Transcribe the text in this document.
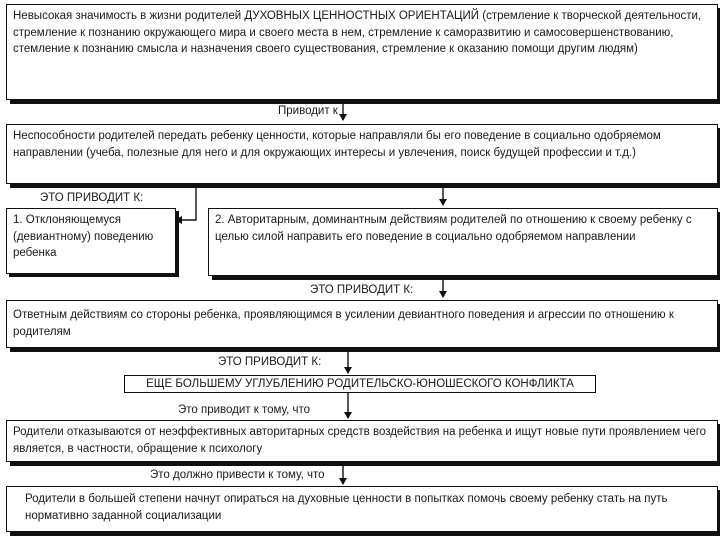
Невысокая значимость в жизни родителей ДУХОВНЫХ ЦЕННОСТНЫХ ОРИЕНТАЦИЙ (стремление к творческой деятельности, стремление к познанию окружающего мира и своего места в нем, стремление к саморазвитию и самосовершенствованию, стемление к познанию смысла и назначения своего существования, стремление к оказанию помощи другим людям)
Приводит к
Неспособности родителей передать ребенку ценности, которые направляли бы его поведение в социально одобряемом направлении (учеба, полезные для него и для окружающих интересы и увлечения, поиск будущей профессии и т.д.)
ЭТО ПРИВОДИТ К:
1. Отклоняющемуся (девиантному) поведению ребенка
2. Авторитарным, доминантным действиям родителей по отношению к своему ребенку с целью силой направить его поведение в социально одобряемом направлении
ЭТО ПРИВОДИТ К:
Ответным действиям со стороны ребенка, проявляющимся в усилении девиантного поведения и агрессии по отношению к родителям
ЭТО ПРИВОДИТ К:
ЕЩЕ БОЛЬШЕМУ УГЛУБЛЕНИЮ РОДИТЕЛЬСКО-ЮНОШЕСКОГО КОНФЛИКТА
Это приводит к тому, что
Родители отказываются от неэффективных авторитарных средств воздействия на ребенка и ищут новые пути проявлением чего является, в частности, обращение к психологу
Это должно привести к тому, что
Родители в большей степени начнут опираться на духовные ценности в попытках помочь своему ребенку стать на путь нормативно заданной социализации
